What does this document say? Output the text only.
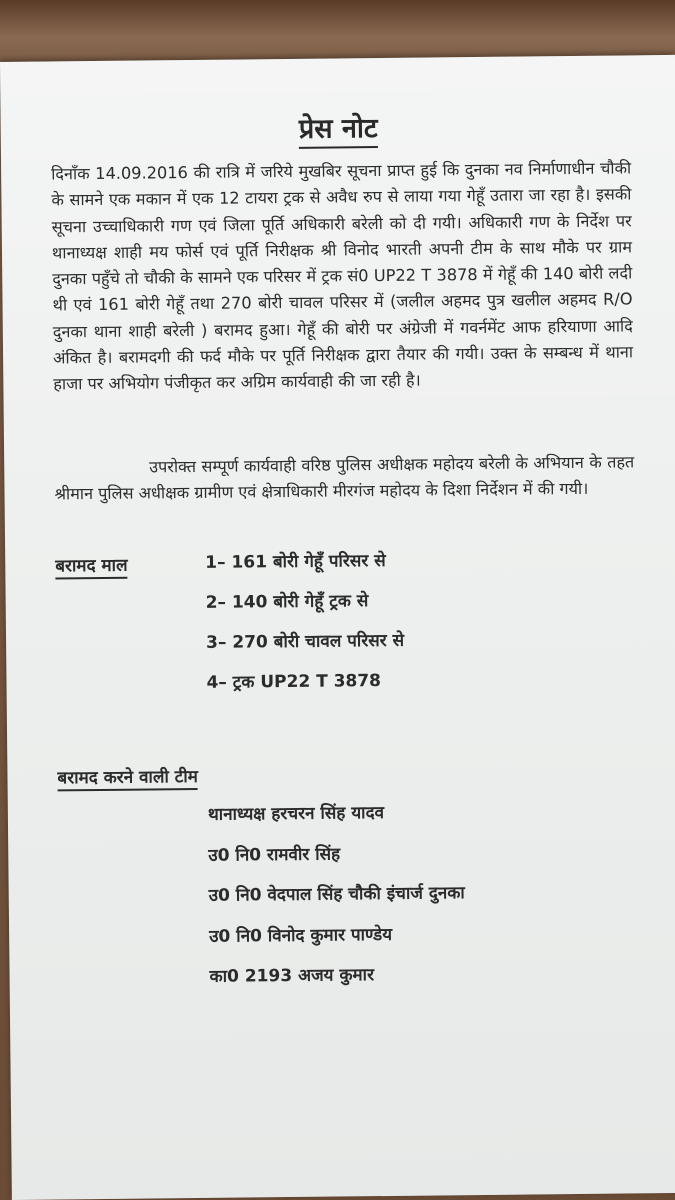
प्रेस नोट
दिनाँक 14.09.2016 की रात्रि में जरिये मुखबिर सूचना प्राप्त हुई कि दुनका नव निर्माणाधीन चौकी के सामने एक मकान में एक 12 टायरा ट्रक से अवैध रुप से लाया गया गेहूँ उतारा जा रहा है। इसकी सूचना उच्चाधिकारी गण एवं जिला पूर्ति अधिकारी बरेली को दी गयी। अधिकारी गण के निर्देश पर थानाध्यक्ष शाही मय फोर्स एवं पूर्ति निरीक्षक श्री विनोद भारती अपनी टीम के साथ मौके पर ग्राम दुनका पहुँचे तो चौकी के सामने एक परिसर में ट्रक सं0 UP22 T 3878 में गेहूँ की 140 बोरी लदी थी एवं 161 बोरी गेहूँ तथा 270 बोरी चावल परिसर में (जलील अहमद पुत्र खलील अहमद R/O दुनका थाना शाही बरेली ) बरामद हुआ। गेहूँ की बोरी पर अंग्रेजी में गवर्नमेंट आफ हरियाणा आदि अंकित है। बरामदगी की फर्द मौके पर पूर्ति निरीक्षक द्वारा तैयार की गयी। उक्त के सम्बन्ध में थाना हाजा पर अभियोग पंजीकृत कर अग्रिम कार्यवाही की जा रही है।
उपरोक्त सम्पूर्ण कार्यवाही वरिष्ठ पुलिस अधीक्षक महोदय बरेली के अभियान के तहत श्रीमान पुलिस अधीक्षक ग्रामीण एवं क्षेत्राधिकारी मीरगंज महोदय के दिशा निर्देशन में की गयी।
बरामद माल	1– 161 बोरी गेहूँ परिसर से
2– 140 बोरी गेहूँ ट्रक से
3– 270 बोरी चावल परिसर से
4– ट्रक UP22 T 3878
बरामद करने वाली टीम
थानाध्यक्ष हरचरन सिंह यादव
उ0 नि0 रामवीर सिंह
उ0 नि0 वेदपाल सिंह चौकी इंचार्ज दुनका
उ0 नि0 विनोद कुमार पाण्डेय
का0 2193 अजय कुमार
